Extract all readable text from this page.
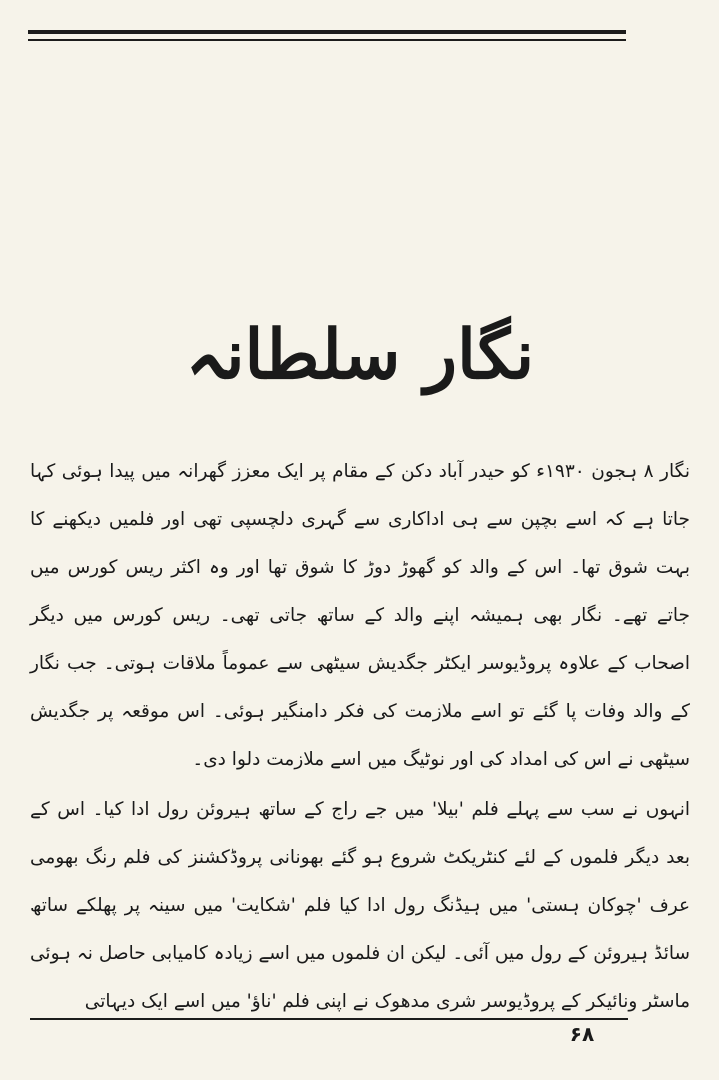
نگار سلطانہ
نگار ۸ ہجون ۱۹۳۰ء کو حیدر آباد دکن کے مقام پر ایک معزز گھرانہ میں پیدا ہوئی کہا جاتا ہے کہ اسے بچپن سے ہی اداکاری سے گہری دلچسپی تھی اور فلمیں دیکھنے کا بہت شوق تھا۔ اس کے والد کو گھوڑ دوڑ کا شوق تھا اور وہ اکثر ریس کورس میں جاتے تھے۔ نگار بھی ہمیشہ اپنے والد کے ساتھ جاتی تھی۔ ریس کورس میں دیگر اصحاب کے علاوہ پروڈیوسر ایکٹر جگدیش سیٹھی سے عموماً ملاقات ہوتی۔ جب نگار کے والد وفات پا گئے تو اسے ملازمت کی فکر دامنگیر ہوئی۔ اس موقعہ پر جگدیش سیٹھی نے اس کی امداد کی اور نوٹیگ میں اسے ملازمت دلوا دی۔
انہوں نے سب سے پہلے فلم 'بیلا' میں جے راج کے ساتھ ہیروئن رول ادا کیا۔ اس کے بعد دیگر فلموں کے لئے کنٹریکٹ شروع ہو گئے بھونانی پروڈکشنز کی فلم رنگ بھومی عرف 'چوکان ہستی' میں ہیڈنگ رول ادا کیا فلم 'شکایت' میں سینہ پر پھلکے ساتھ سائڈ ہیروئن کے رول میں آئی۔ لیکن ان فلموں میں اسے زیادہ کامیابی حاصل نہ ہوئی ماسٹر ونائیکر کے پروڈیوسر شری مدھوک نے اپنی فلم 'ناؤ' میں اسے ایک دیہاتی
۶۸
